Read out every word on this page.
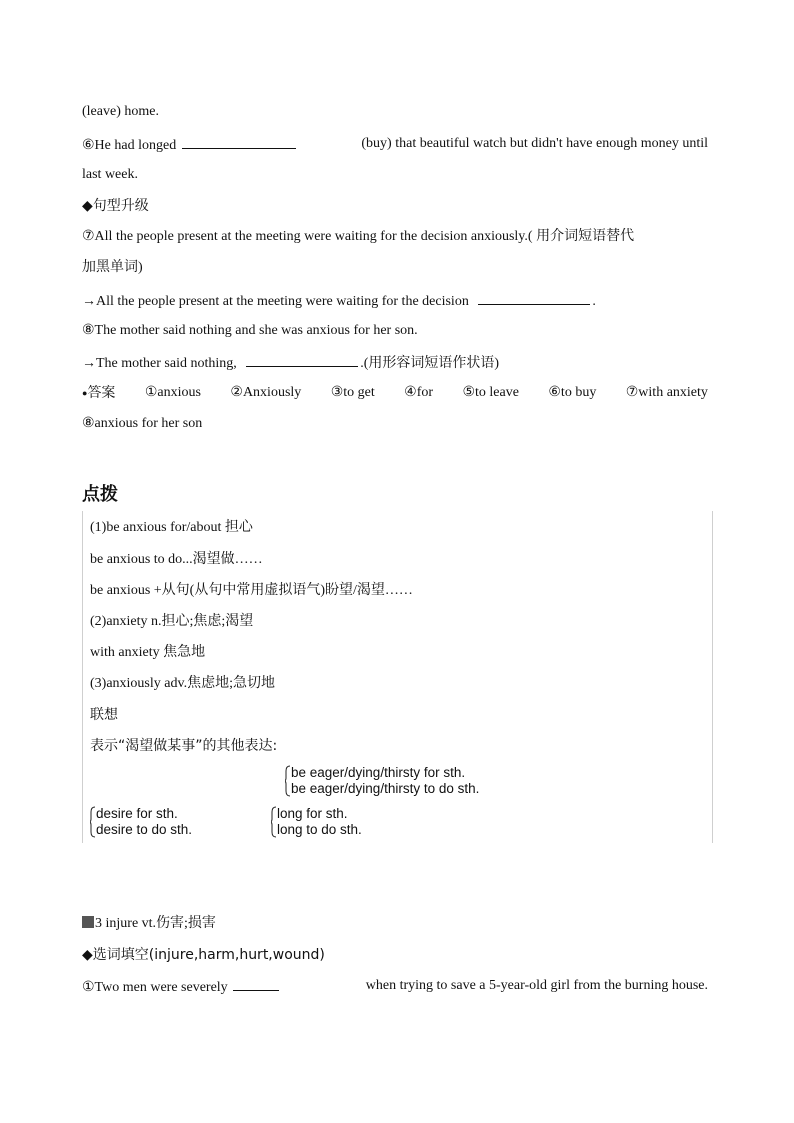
(leave) home.
⑥He had longed	(buy) that beautiful watch but didn't have enough money until
last week.
◆句型升级
⑦All the people present at the meeting were waiting for the decision anxiously.( 用介词短语替代
加黑单词)
→All the people present at the meeting were waiting for the decision	.
⑧The mother said nothing and she was anxious for her son.
→The mother said nothing,	.(用形容词短语作状语)
●答案 ①anxious ②Anxiously ③to get ④for ⑤to leave ⑥to buy ⑦with anxiety
⑧anxious for her son
点拨
(1)be anxious for/about 担心
be anxious to do...渴望做……
be anxious +从句(从句中常用虚拟语气)盼望/渴望……
(2)anxiety n.担心;焦虑;渴望
with anxiety 焦急地
(3)anxiously adv.焦虑地;急切地
联想
表示“渴望做某事”的其他表达:
be eager/dying/thirsty for sth.
be eager/dying/thirsty to do sth.
desire for sth.
desire to do sth.
long for sth.
long to do sth.
3 injure vt.伤害;损害
◆选词填空(injure,harm,hurt,wound)
①Two men were severely	when trying to save a 5-year-old girl from the burning house.
